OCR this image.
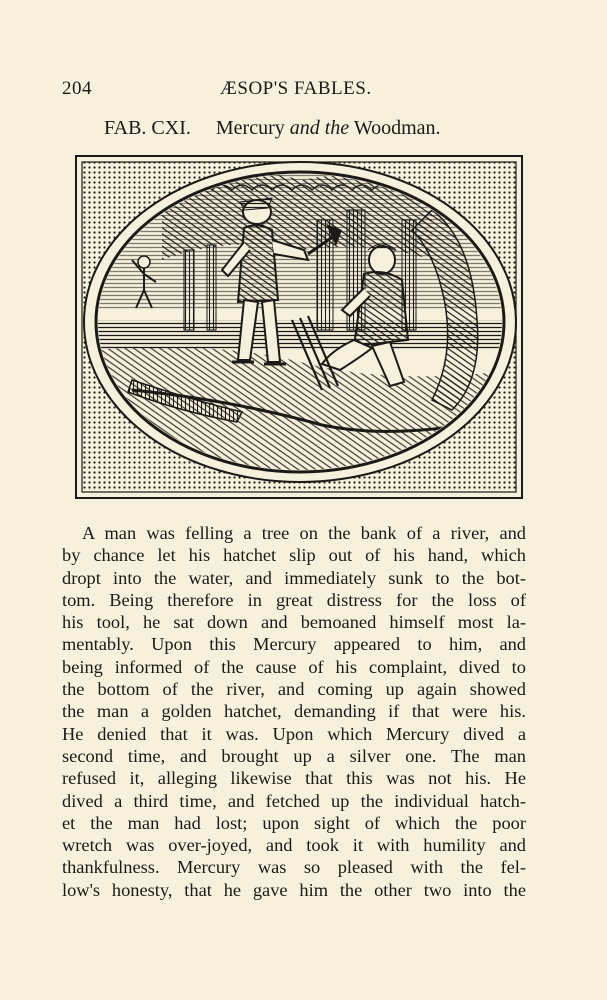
204	ÆSOP'S FABLES.
FAB. CXI. Mercury and the Woodman.
A man was felling a tree on the bank of a river, and
by chance let his hatchet slip out of his hand, which
dropt into the water, and immediately sunk to the bot-
tom. Being therefore in great distress for the loss of
his tool, he sat down and bemoaned himself most la-
mentably. Upon this Mercury appeared to him, and
being informed of the cause of his complaint, dived to
the bottom of the river, and coming up again showed
the man a golden hatchet, demanding if that were his.
He denied that it was. Upon which Mercury dived a
second time, and brought up a silver one. The man
refused it, alleging likewise that this was not his. He
dived a third time, and fetched up the individual hatch-
et the man had lost; upon sight of which the poor
wretch was over-joyed, and took it with humility and
thankfulness. Mercury was so pleased with the fel-
low's honesty, that he gave him the other two into the
